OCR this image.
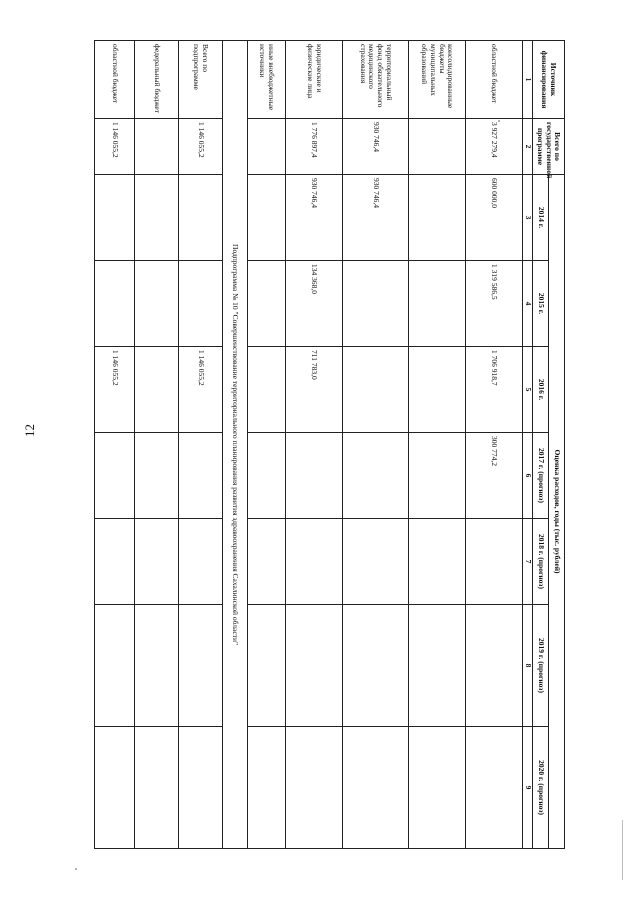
12
Источник финансирования	Всего по государственной программе	Оценка расходов, годы (тыс. рублей)						
		2014 г.	2015 г.	2016 г.	2017 г. (прогноз)	2018 г. (прогноз)	2019 г. (прогноз)	2020 г. (прогноз)
1	2	3	4	5	6	7	8	9
областной бюджет	3 927 279,4	600 000,0	1 319 586,5	1 706 918,7	300 774,2			
консолидированные бюджеты муниципальных образований								
территориальный фонд обязательного медицинского страхования	930 746,4	930 746,4						
юридические и физические лица	1 776 897,4	930 746,4	134 368,0	711 783,0				
иные внебюджетные источники								
Подпрограмма № 10 "Совершенствование территориального планирования развития здравоохранения Сахалинской области"								
Всего по подпрограмме	1 146 055,2			1 146 055,2				
федеральный бюджет								
областной бюджет	1 146 055,2			1 146 055,2				
